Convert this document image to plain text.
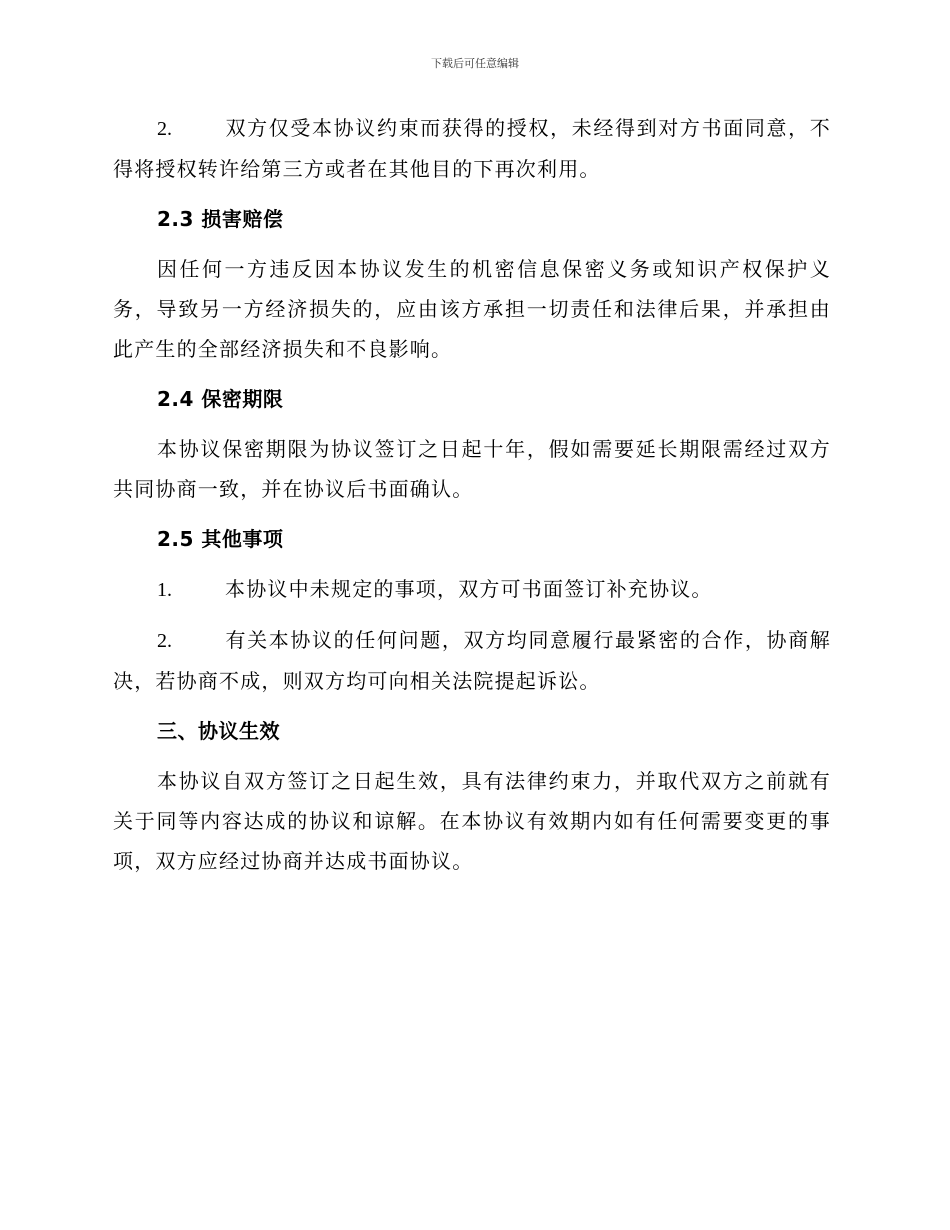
下载后可任意编辑

2.	双方仅受本协议约束而获得的授权，未经得到对方书面同意，不得将授权转许给第三方或者在其他目的下再次利用。

2.3 损害赔偿

因任何一方违反因本协议发生的机密信息保密义务或知识产权保护义务，导致另一方经济损失的，应由该方承担一切责任和法律后果，并承担由此产生的全部经济损失和不良影响。

2.4 保密期限

本协议保密期限为协议签订之日起十年，假如需要延长期限需经过双方共同协商一致，并在协议后书面确认。

2.5 其他事项

1.	本协议中未规定的事项，双方可书面签订补充协议。

2.	有关本协议的任何问题，双方均同意履行最紧密的合作，协商解决，若协商不成，则双方均可向相关法院提起诉讼。

三、协议生效

本协议自双方签订之日起生效，具有法律约束力，并取代双方之前就有关于同等内容达成的协议和谅解。在本协议有效期内如有任何需要变更的事项，双方应经过协商并达成书面协议。
